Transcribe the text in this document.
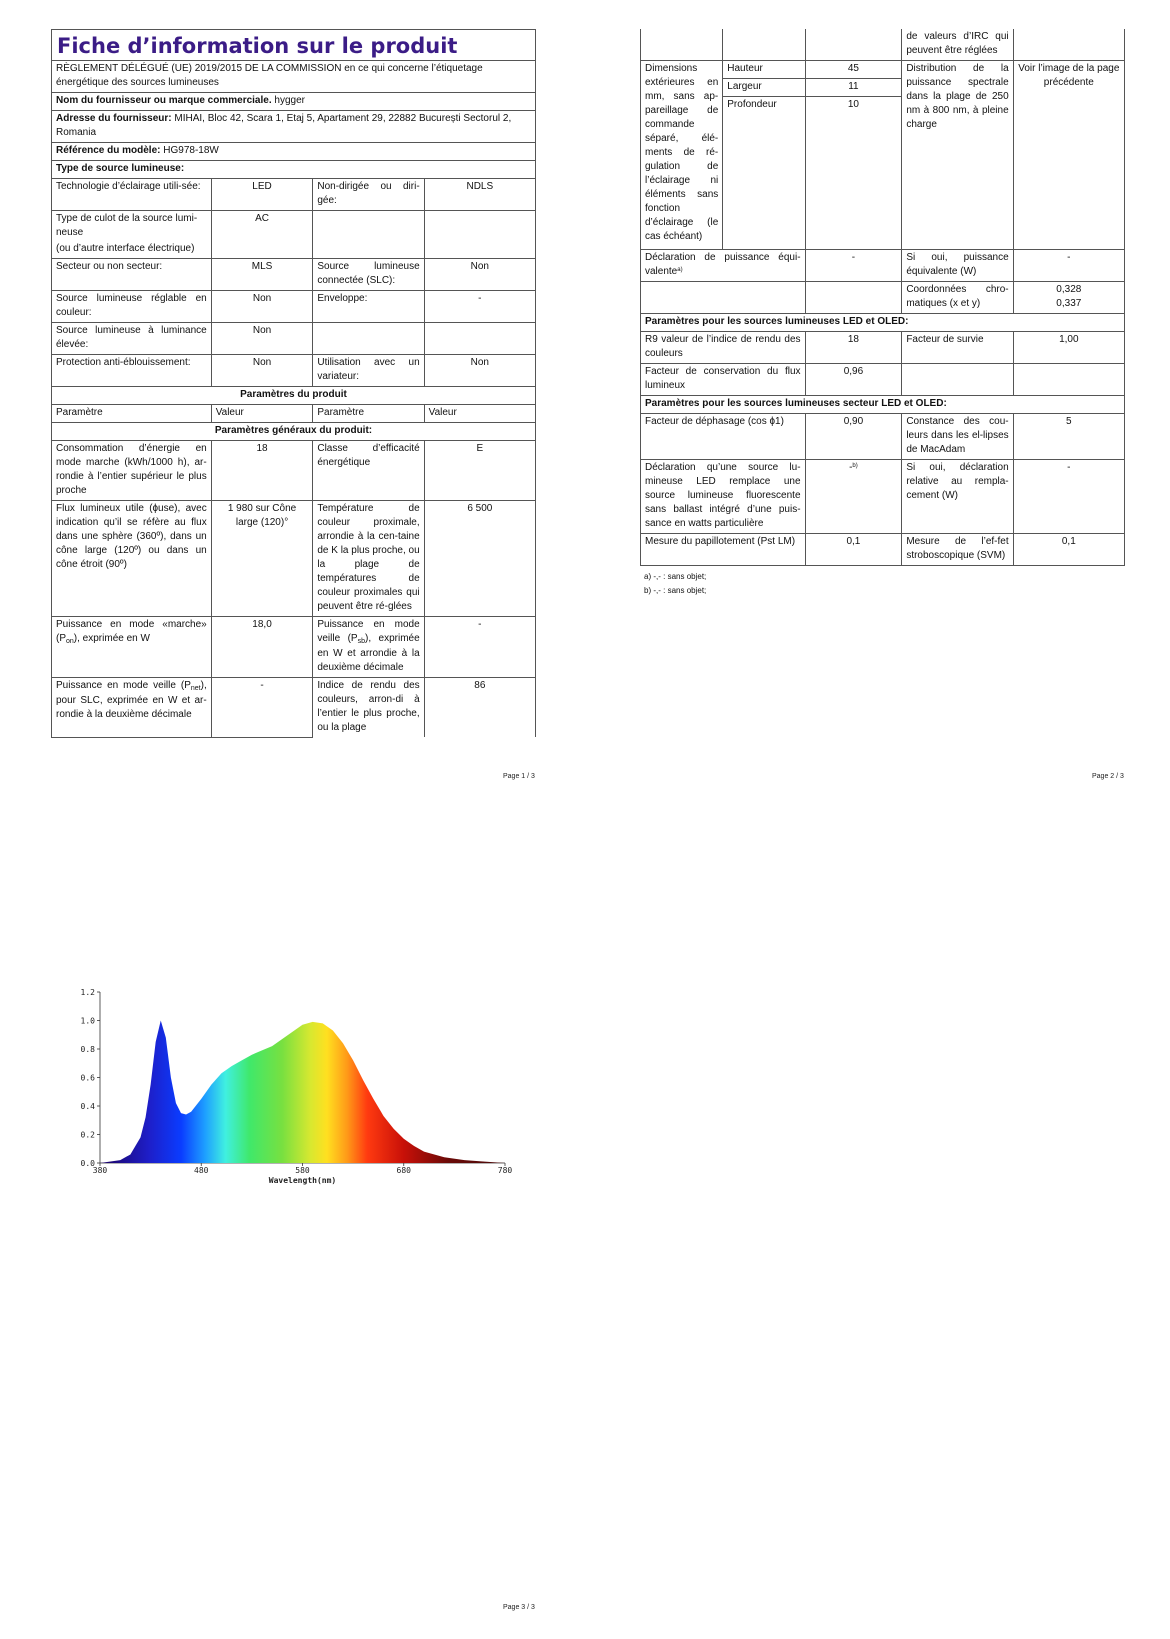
Fiche d’information sur le produit			
RÈGLEMENT DÉLÉGUÉ (UE) 2019/2015 DE LA COMMISSION en ce qui concerne l’étiquetage énergétique des sources lumineuses			
Nom du fournisseur ou marque commerciale. hygger			
Adresse du fournisseur: MIHAI, Bloc 42, Scara 1, Etaj 5, Apartament 29, 22882 București Sectorul 2, Romania			
Référence du modèle: HG978-18W			
Type de source lumineuse:			
Technologie d’éclairage utili-sée:	LED	Non-dirigée ou diri-gée:	NDLS

Type de culot de la source lumi-neuse
(ou d’autre interface électrique)	AC		
Secteur ou non secteur:	MLS	Source lumineuse connectée (SLC):	Non
Source lumineuse réglable en couleur:	Non	Enveloppe:	-
Source lumineuse à luminance élevée:	Non		
Protection anti-éblouissement:	Non	Utilisation avec un variateur:	Non
Paramètres du produit			
Paramètre	Valeur	Paramètre	Valeur
Paramètres généraux du produit:			
Consommation d’énergie en mode marche (kWh/1000 h), ar-rondie à l’entier supérieur le plus proche	18	Classe d’efficacité énergétique	E
Flux lumineux utile (ɸuse), avec indication qu’il se réfère au flux dans une sphère (360º), dans un cône large (120º) ou dans un cône étroit (90º)	1 980 sur Cône large (120)°	Température de couleur proximale, arrondie à la cen-taine de K la plus proche, ou la plage de températures de couleur proximales qui peuvent être ré-glées	6 500
Puissance en mode «marche» $(P_{on})$, exprimée en W	18,0	Puissance en mode veille $(P_{sb})$, exprimée en W et arrondie à la deuxième décimale	-
Puissance en mode veille $(P_{net})$, pour SLC, exprimée en W et ar-rondie à la deuxième décimale	-	Indice de rendu des couleurs, arron-di à l’entier le plus proche, ou la plage	86
Page 1 / 3
			de valeurs d’IRC qui peuvent être réglées	
Dimensions extérieures en mm, sans ap-pareillage de commande séparé, élé-ments de ré-gulation de l’éclairage ni éléments sans fonction d’éclairage (le cas échéant)	Hauteur	45	Distribution de la puissance spectrale dans la plage de 250 nm à 800 nm, à pleine charge	Voir l’image de la page précédente
	Largeur	11		
	Profondeur	10		

Déclaration de puissance équi-valente$^{a)}$		-	Si oui, puissance équivalente (W)	-
			Coordonnées chro-matiques (x et y)	0,328
0,337

Paramètres pour les sources lumineuses LED et OLED:				
R9 valeur de l’indice de rendu des couleurs		18	Facteur de survie	1,00
Facteur de conservation du flux lumineux		0,96		
Paramètres pour les sources lumineuses secteur LED et OLED:				
Facteur de déphasage (cos ɸ1)		0,90	Constance des cou-leurs dans les el-lipses de MacAdam	5
Déclaration qu’une source lu-mineuse LED remplace une source lumineuse fluorescente sans ballast intégré d’une puis-sance en watts particulière		-$^{b)}$	Si oui, déclaration relative au rempla-cement (W)	-
Mesure du papillotement (Pst LM)		0,1	Mesure de l’ef-fet stroboscopique (SVM)	0,1
a) -,- : sans objet;
b) -,- : sans objet;
Page 2 / 3
0.0
0.2
0.4
0.6
0.8
1.0
1.2
380	480	580	680	780
Wavelength(nm)
Page 3 / 3
